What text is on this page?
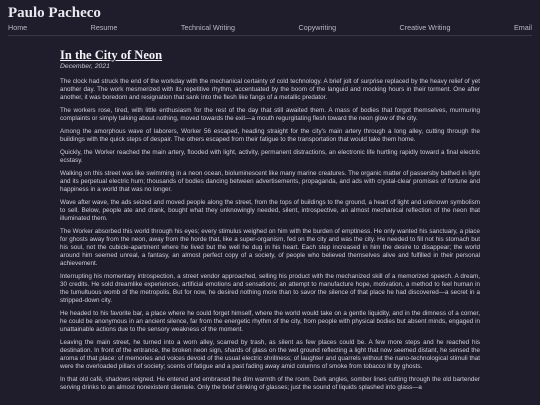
Paulo Pacheco
Home	Resume	Technical Writing	Copywriting	Creative Writing	Email
In the City of Neon
December, 2021

The clock had struck the end of the workday with the mechanical certainty of cold technology. A brief jolt of surprise replaced by the heavy relief of yet another day. The work mesmerized with its repetitive rhythm, accentuated by the boom of the languid and mocking hours in their torment. One after another, it was boredom and resignation that sank into the flesh like fangs of a metallic predator.

The workers rose, tired, with little enthusiasm for the rest of the day that still awaited them. A mass of bodies that forgot themselves, murmuring complaints or simply talking about nothing, moved towards the exit—a mouth regurgitating flesh toward the neon glow of the city.

Among the amorphous wave of laborers, Worker 56 escaped, heading straight for the city's main artery through a long alley, cutting through the buildings with the quick steps of despair. The others escaped from their fatigue to the transportation that would take them home.

Quickly, the Worker reached the main artery, flooded with light, activity, permanent distractions, an electronic life hurtling rapidly toward a final electric ecstasy.

Walking on this street was like swimming in a neon ocean, bioluminescent like many marine creatures. The organic matter of passersby bathed in light and its perpetual electric hum; thousands of bodies dancing between advertisements, propaganda, and ads with crystal-clear promises of fortune and happiness in a world that was no longer.

Wave after wave, the ads seized and moved people along the street, from the tops of buildings to the ground, a heart of light and unknown symbolism to sell. Below, people ate and drank, bought what they unknowingly needed, silent, introspective, an almost mechanical reflection of the neon that illuminated them.

The Worker absorbed this world through his eyes; every stimulus weighed on him with the burden of emptiness. He only wanted his sanctuary, a place for ghosts away from the neon, away from the horde that, like a super-organism, fed on the city and was the city. He needed to fill not his stomach but his soul, not the cubicle-apartment where he lived but the well he dug in his heart. Each step increased in him the desire to disappear; the world around him seemed unreal, a fantasy, an almost perfect copy of a society, of people who believed themselves alive and fulfilled in their personal achievement.

Interrupting his momentary introspection, a street vendor approached, selling his product with the mechanized skill of a memorized speech. A dream, 30 credits. He sold dreamlike experiences, artificial emotions and sensations; an attempt to manufacture hope, motivation, a method to feel human in the tumultuous womb of the metropolis. But for now, he desired nothing more than to savor the silence of that place he had discovered—a secret in a stripped-down city.

He headed to his favorite bar, a place where he could forget himself, where the world would take on a gentle liquidity, and in the dimness of a corner, he could be anonymous in an ancient silence, far from the energetic rhythm of the city, from people with physical bodies but absent minds, engaged in unattainable actions due to the sensory weakness of the moment.

Leaving the main street, he turned into a worn alley, scarred by trash, as silent as few places could be. A few more steps and he reached his destination. In front of the entrance, the broken neon sign, shards of glass on the wet ground reflecting a light that now seemed distant, he sensed the aroma of that place: of memories and voices devoid of the usual electric shrillness; of laughter and quarrels without the nano-technological stimuli that were the overloaded pillars of society; scents of fatigue and a past fading away amid columns of smoke from tobacco lit by ghosts.

In that old café, shadows reigned. He entered and embraced the dim warmth of the room. Dark angles, somber lines cutting through the old bartender serving drinks to an almost nonexistent clientele. Only the brief clinking of glasses; just the sound of liquids splashed into glass—a
